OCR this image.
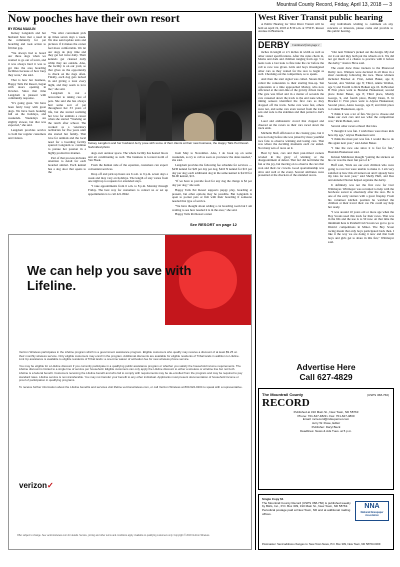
Mountrail County Record, Friday, April 13, 2018 — 3
Now pooches have their own resort
BY EDNA MAULIN

Kelsey Langdom and her husband have met a need in the community for pet boarding and took action to fill that gap.

"We always had to board our three dogs when we wanted to go out of town, and it was always hard it was to get into the area boarding facilities because of how busy they were," she said.

That is how her business, Happy Tails Pet Resort, began with doors opening in October. Since that time Langdom is pleased with community response.

"It's going great. We have been fairly busy with great dogs. We have been booking full on the holidays, and weekends. Weekdays are slightly slower, but that was expected," she said.

Langdom provides service to both her regular customers and visitors.

"We offer convenient pick up times seven days a week. We also send update texts and pictures if it makes the owner feel more comfortable. We let our dogs do play time and they get fed twice daily. Their kennels get cleaned daily while they are outside. Also, the facility is on our yard, so that gives us the opportunity to check on the dogs often. Finally, each dog gets tucked in and giving a treat every night, and they seem to love me," she said.

Langdom is not a newcomer to taking care of pets. She said she has always had some sort of pet throughout her 33 years of life, but she started realizing her love for animals a career when she started "Working on the ranch after school. The worked as a veterinary technician for five years until she started her family. That love for animals and the local need for a boarding facility spurred Langdom to continue to pursue her passion in a highly productive manner.

Part of that process includes attention to detail for each boarded animal. Each kennel has a dog door that opens to the

Kelsey Langdom and her husband Jerry pose with some of their clients at their new business, the Happy Tails Pet Resort. Submitted photo

dogs own outdoor space. The whole facility has heated floors and air conditioning as well. The business is located north of Van Hook.

From the human side of the equation, customers can expect convenient services.

Drop off and pick up hours are 6 a.m. to 9 p.m. seven days a week and may vary on holidays. The length of stay varies from one night up to requests for extended stays.

"I take appointments from 6 a.m. to 8 p.m. Monday through Friday. The best way for customers to contact us or set up appointments is to call 421-8942.

from May to November. Also, I do book up on some weekends, so try to call as soon as you know the dates needed," she said.

Langdom provides the following fee schedule for services — $430 kennel for $20 per day per dog, $410 N kennel for $15 per day per dog; each additional dog in the same kennel is $4.50 for $9.00 kennel, $15.

"If we have to provide food for any dog the charge is $2 per day per dog," she said.

Happy Tails Pet Resort supports puppy play, boarding at present, but other options may be possible. But Langdom is open to pocket pets or fish with their boarding if someone needed that type of service.

"We have thought about adding a cat boarding room but I am waiting to see how needed it is in the area," she said.

Happy Tails Pet Resort owner

See RESORT on page 12
West River Transit public hearing

A Public Hearing for West River Transit will be held on April 19, 2018 at 8:30 a.m. at 3750 E. Rosser Avenue in Bismarck.

Any individuals wishing to comment on any concerns or interests, please come and provide to this public hearing.

DERBY Continued from page 1

inches in length or 2.5 inches in width as well as other stated specifications. After the rules check in, Moms and dads and children ranging from age 3 to teens took a last look to fine tune the car before the call to race was given. Girls and boys investigated other cars as they waited for the race to begin as well. Checking out the competition, so to speak.

And then the start signal was called. Streets Ruff called the contestants to their starting line-up. Ten contestants at a time approached Motley, who now officiated at the start-line of the gravity driven track. The gate was lifted and in a matter of seconds the cars careened down the track to the end zone where timing sensors identified the first cars as they dropped off the track. Some cars were fast, others were not, and some cars even veered from the track sets and rode to the sidelines and then parted to dad's side.

Loud and enthusiastic crowd that clapped and cheered on the racers as their cars raced down the track ends.

Michelle Huff officiated at the closing gate, but it was not long before she was joined by more youthful race fans to observe winning and losing cars. That was where the deciding moments each car ended. Not many sets of races on it.

Heat by heat, cars and their past-timed owners reveled in the glory of winning or the disappointment of defeat. That fact did not hinder the fun or the joy, but moving on to observe the cars that won and their car crowds. Good sportsmanship was alive and well at the event. Several attributes were presented at the check-in of the attended racers.

"Our next Winner's picked out the design. My dad cut it out and they both put the wheels on it. We did not get much of a chance to practice with it before the derby," Jessica Hove said.

The event drew three trackers to the Pinewood Derby race. Winners were declared in all three in a short ceremony following the race. Those winners included Bracket A: First, Aiden Baker, age 6; Second, Ava Weldon age 8; Third, Annie Weldon, age 5; and Fourth to Rick Bolken age 10. In Bracket B First place went to Brendan Haakenson; second place Peder Baker, age 8; Third place, Maddy George, 9, and fourth place, Buddy Dean, 8. In Bracket C: First place went to Alyssa Haakenson; Second place, Alexa George, age 8; and third place to Conner Haakenson, age 6.

"I think it was a lot of fun. We got to choose and make our own cars and see what the competition was," Ricki Bolken, said.

Several other racers echoed that idea.

"I thought it was fun. I wish there were more kids here my age," Alyssa Haakenson said.

"I think the most part was fun. I would like to do this again next year," said Aiden Baker.

"I like the race one since it is fast for fun," Brendan Haakenson said.

Kristen Middleton thought "putting the stickers on his car was the most fun part of it."

Huff said, "Kids are our own children who were going to race but were unable to make it. I am very satisfied at how this all turned out and I already have my idea for next year," said Shelly Huff, and Dee and Annabel Norten helped organize the derby.

It definitely was not the first race for Curt Wittmayer. Wittmayer was recruited to help with the hardware sorted to absolutely after the race. He is one of the early starters with a great fireplay. From his volunteer kitchen position he watched the children at their travel their car. He could say help her ready.

"I was around 10 years old or more age when the Boy Scouts used this track for their races. That was in the 60s and the use is to 50 now. At that time the minimum here is Parshall Cub Scouts we got to go to District competitions in Minot. The Boy Scout racing meant that only boys participated back then. I like it the way we are doing it now and that both boys and girls get to share in this fun," Wittmayer said.

We can help you save with Lifeline.

Verizon Wireless participates in the Lifeline program which is a government assistance program. Eligible customers who qualify may receive a discount of at least $9.25 on their monthly wireless service. Only eligible customers may enroll in the program. Additional discounts are available for eligible residents of Tribal lands in addition to Lifeline. Link Up assistance is available to eligible residents of Tribal lands: a one-time waiver of activation fee for new wireless phone service.

You may be eligible for a Lifeline discount if you currently participate in a qualifying public assistance program or whether you satisfy the household income requirements. The Lifeline discount is limited to a single line of service per household. Eligible customers can only apply the Lifeline discount to either a wireless or wireline line but not both. Lifeline is a federal benefit. Customers receiving the Lifeline benefit and who fail to comply with requirements may be de-enrolled from the program and may be required to pay standard rates. Lifeline service is non-transferable. You may not transfer your benefit to any other individual. Applicants must present documentation of household income or proof of participation in qualifying programs.

To receive further information about the Lifeline benefits and services visit lifeline.verizonwireless.com, or call Verizon Wireless at 800-922-0204 to speak with a representative.

verizon✓
Offer subject to change. See verizonwireless.com for details. Service, pricing and other terms and conditions apply. Available to qualifying customers only. Copyright © 2018 Verizon Wireless.
Advertise Here
Call 627-4829
The Mountrail County
RECORD
(USPS 368-760)
Published at 310 Main St., New Town, ND 58763
Phone: 701-627-4829 • Fax: 701-627-4800
Email: mcrecord@ndsupernet.com
Jerry W. Rose, Editor
Publisher: Daryl Beck
Deadlines: News & Ads Tues. at 5 p.m.
Single Copy $1
The Mountrail County Record (USPS 368-760) is published weekly by BHG, Inc., P.O. Box 309, 310 Main St., New Town, ND 58763. Periodical postage paid at New Town, ND and at additional mailing offices.
NNA
National Newspaper Association
Postmaster: Send address changes to: New Town News, P.O. Box 309, New Town, ND 58763-0309
